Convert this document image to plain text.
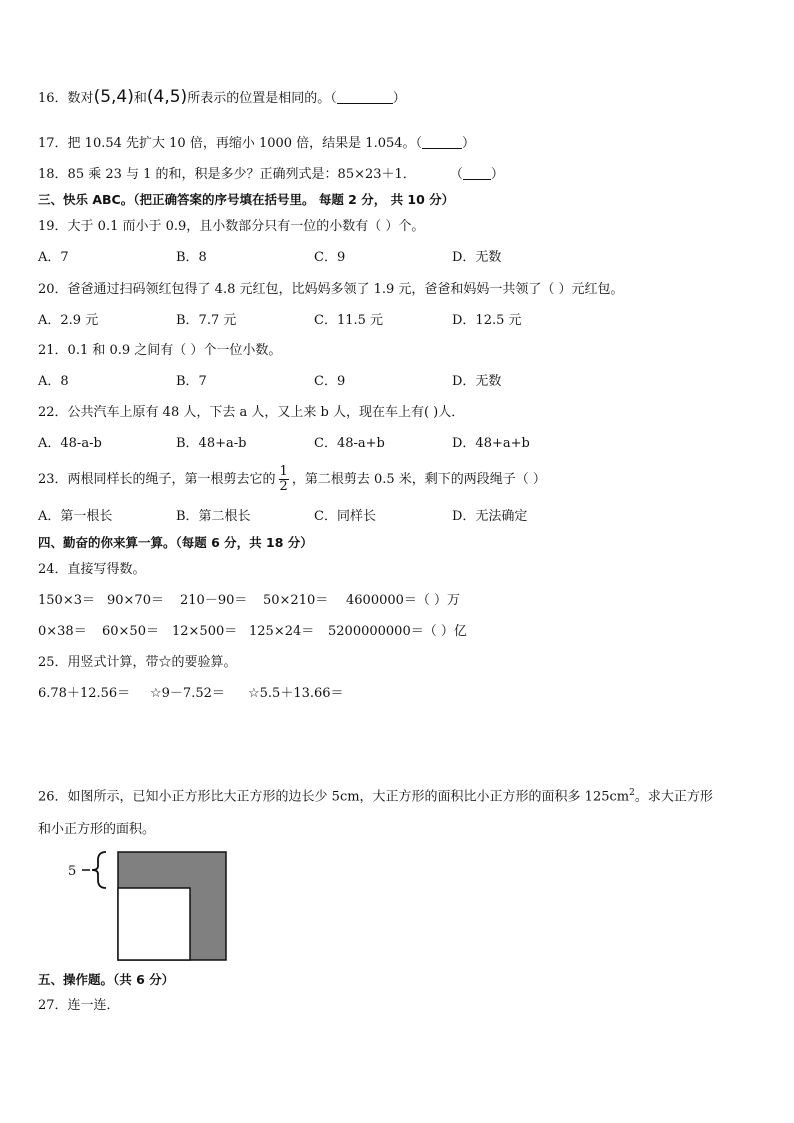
16．数对(5,4)和(4,5)所表示的位置是相同的。（	）
17．把 10.54 先扩大 10 倍，再缩小 1000 倍，结果是 1.054。（	）
18．85 乘 23 与 1 的和，积是多少？正确列式是：85×23＋1．	（ ）
三、快乐 ABC。（把正确答案的序号填在括号里。 每题 2 分， 共 10 分）
19．大于 0.1 而小于 0.9，且小数部分只有一位的小数有（ ）个。
A．7	B．8	C．9	D．无数
20．爸爸通过扫码领红包得了 4.8 元红包，比妈妈多领了 1.9 元，爸爸和妈妈一共领了（ ）元红包。
A．2.9 元	B．7.7 元	C．11.5 元	D．12.5 元
21．0.1 和 0.9 之间有（ ）个一位小数。
A．8	B．7	C．9	D．无数
22．公共汽车上原有 48 人，下去 a 人，又上来 b 人，现在车上有( )人．
A．48-a-b	B．48+a-b	C．48-a+b	D．48+a+b
23．两根同样长的绳子，第一根剪去它的 $\frac{1}{2}$ ，第二根剪去 0.5 米，剩下的两段绳子（ ）
A．第一根长	B．第二根长	C．同样长	D．无法确定
四、勤奋的你来算一算。（每题 6 分，共 18 分）
24．直接写得数。
150×3＝ 90×70＝ 210－90＝ 50×210＝ 4600000＝（ ）万
0×38＝ 60×50＝ 12×500＝ 125×24＝ 5200000000＝（ ）亿
25．用竖式计算，带☆的要验算。
6.78＋12.56＝ ☆9－7.52＝ ☆5.5＋13.66＝
26．如图所示，已知小正方形比大正方形的边长少 5cm，大正方形的面积比小正方形的面积多 $125cm^2$。求大正方形
和小正方形的面积。
5
五、操作题。（共 6 分）
27．连一连．
